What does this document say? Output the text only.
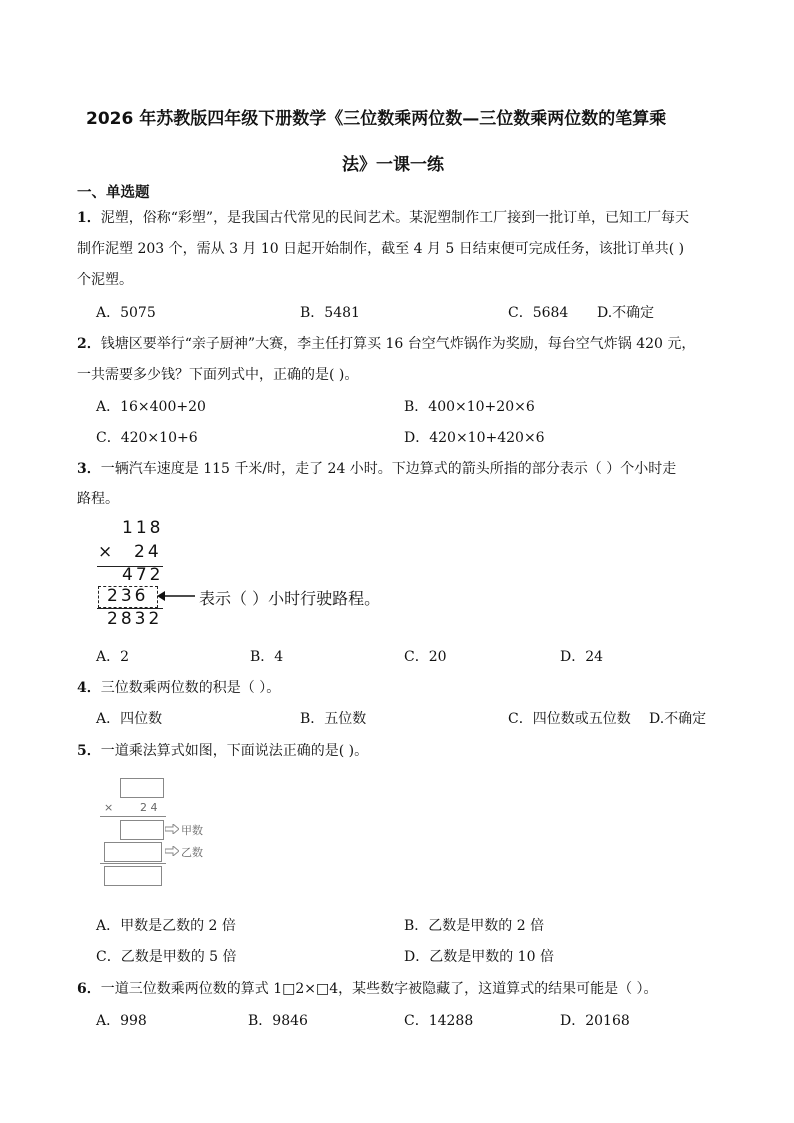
2026 年苏教版四年级下册数学《三位数乘两位数—三位数乘两位数的笔算乘
法》一课一练
一、单选题
1．泥塑，俗称“彩塑”，是我国古代常见的民间艺术。某泥塑制作工厂接到一批订单，已知工厂每天
制作泥塑 203 个，需从 3 月 10 日起开始制作，截至 4 月 5 日结束便可完成任务，该批订单共( )
个泥塑。
A．5075	B．5481	C．5684 D.不确定
2．钱塘区要举行“亲子厨神”大赛，李主任打算买 16 台空气炸锅作为奖励，每台空气炸锅 420 元，
一共需要多少钱？下面列式中，正确的是( )。
A．16×400+20	B．400×10+20×6
C．420×10+6	D．420×10+420×6
3．一辆汽车速度是 115 千米/时，走了 24 小时。下边算式的箭头所指的部分表示（ ）个小时走
路程。
118
× 24
472
236	表示（ ）小时行驶路程。
2832
A．2	B．4	C．20	D．24
4．三位数乘两位数的积是（ ）。
A．四位数	B．五位数	C．四位数或五位数 D.不确定
5．一道乘法算式如图，下面说法正确的是( )。
× 2 4
甲数
乙数
A．甲数是乙数的 2 倍	B．乙数是甲数的 2 倍
C．乙数是甲数的 5 倍	D．乙数是甲数的 10 倍
6．一道三位数乘两位数的算式 1□2×□4，某些数字被隐藏了，这道算式的结果可能是（ ）。
A．998	B．9846	C．14288	D．20168
